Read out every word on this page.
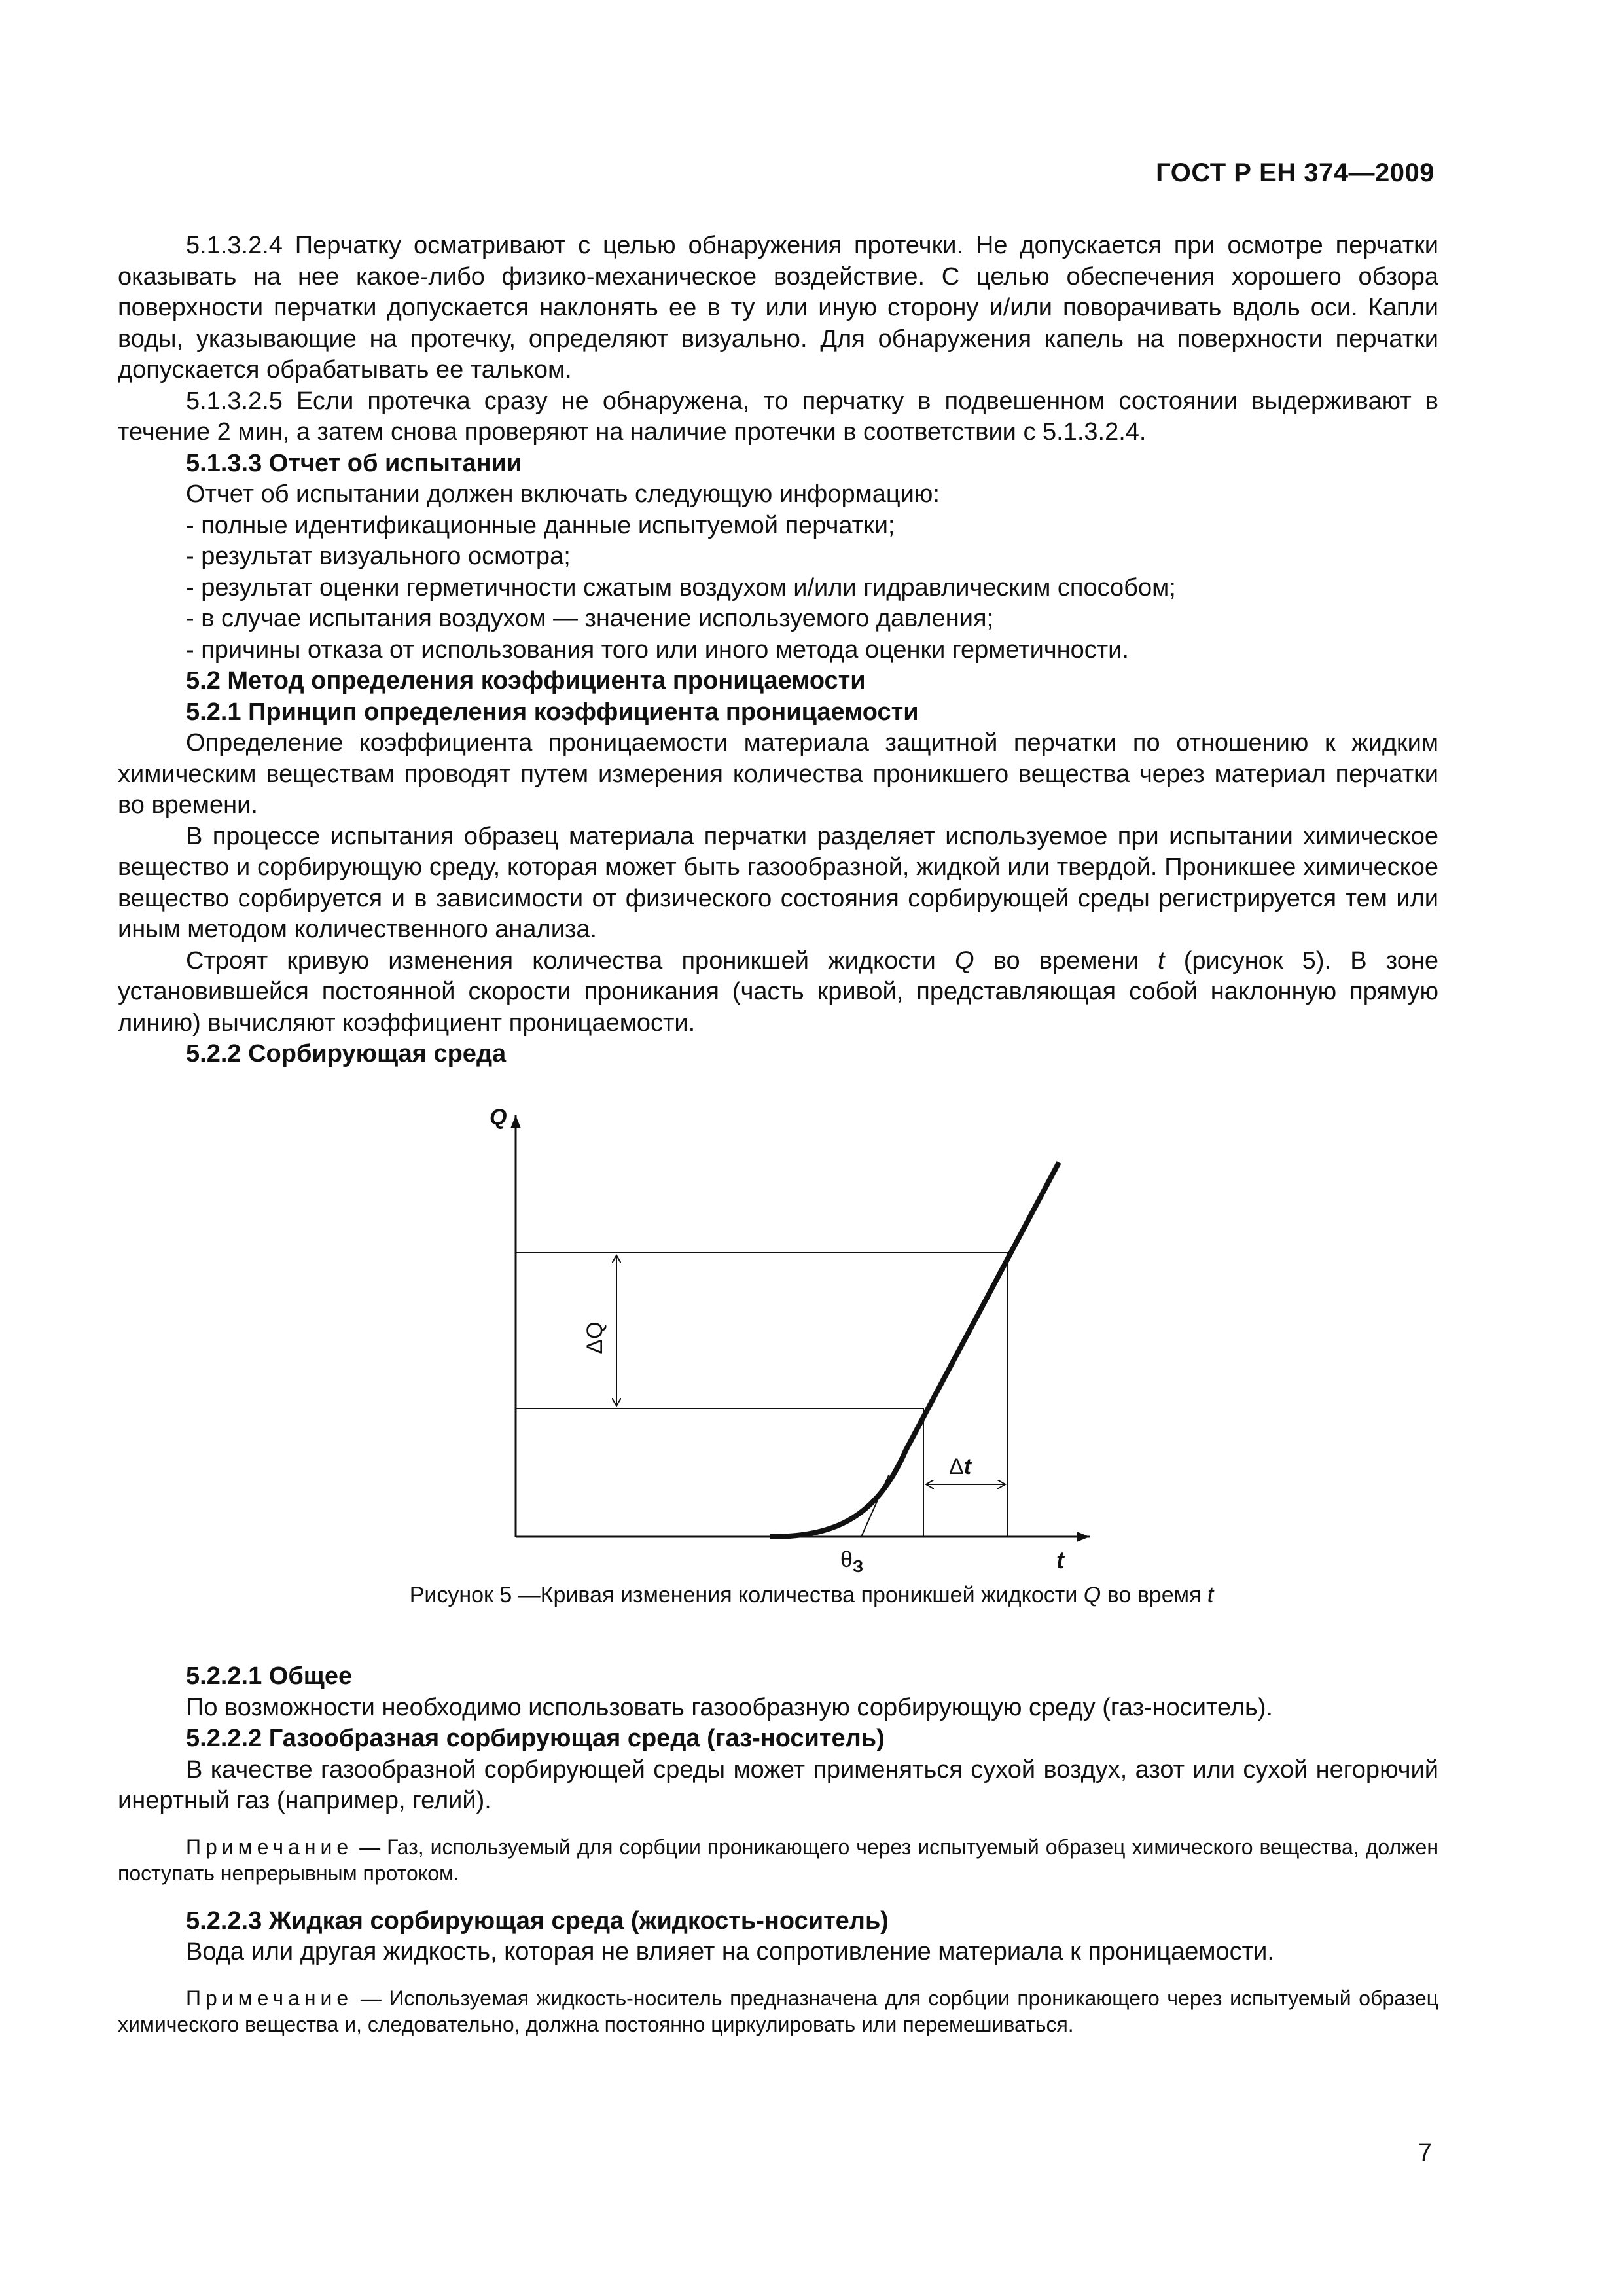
ГОСТ Р ЕН 374—2009

5.1.3.2.4 Перчатку осматривают с целью обнаружения протечки. Не допускается при осмотре перчатки оказывать на нее какое-либо физико-механическое воздействие. С целью обеспечения хорошего обзора поверхности перчатки допускается наклонять ее в ту или иную сторону и/или поворачивать вдоль оси. Капли воды, указывающие на протечку, определяют визуально. Для обнаружения капель на поверхности перчатки допускается обрабатывать ее тальком.

5.1.3.2.5 Если протечка сразу не обнаружена, то перчатку в подвешенном состоянии выдерживают в течение 2 мин, а затем снова проверяют на наличие протечки в соответствии с 5.1.3.2.4.

5.1.3.3 Отчет об испытании

Отчет об испытании должен включать следующую информацию:

- полные идентификационные данные испытуемой перчатки;

- результат визуального осмотра;

- результат оценки герметичности сжатым воздухом и/или гидравлическим способом;

- в случае испытания воздухом — значение используемого давления;

- причины отказа от использования того или иного метода оценки герметичности.

5.2 Метод определения коэффициента проницаемости

5.2.1 Принцип определения коэффициента проницаемости

Определение коэффициента проницаемости материала защитной перчатки по отношению к жидким химическим веществам проводят путем измерения количества проникшего вещества через материал перчатки во времени.

В процессе испытания образец материала перчатки разделяет используемое при испытании химическое вещество и сорбирующую среду, которая может быть газообразной, жидкой или твердой. Проникшее химическое вещество сорбируется и в зависимости от физического состояния сорбирующей среды регистрируется тем или иным методом количественного анализа.

Строят кривую изменения количества проникшей жидкости Q во времени t (рисунок 5). В зоне установившейся постоянной скорости проникания (часть кривой, представляющая собой наклонную прямую линию) вычисляют коэффициент проницаемости.

5.2.2 Сорбирующая среда

Q
t
ΔQ
Δt
$\theta_З$
Рисунок 5 —Кривая изменения количества проникшей жидкости Q во время t

5.2.2.1 Общее

По возможности необходимо использовать газообразную сорбирующую среду (газ-носитель).

5.2.2.2 Газообразная сорбирующая среда (газ-носитель)

В качестве газообразной сорбирующей среды может применяться сухой воздух, азот или сухой негорючий инертный газ (например, гелий).

Примечание — Газ, используемый для сорбции проникающего через испытуемый образец химического вещества, должен поступать непрерывным протоком.

5.2.2.3 Жидкая сорбирующая среда (жидкость-носитель)

Вода или другая жидкость, которая не влияет на сопротивление материала к проницаемости.

Примечание — Используемая жидкость-носитель предназначена для сорбции проникающего через испытуемый образец химического вещества и, следовательно, должна постоянно циркулировать или перемешиваться.

7
